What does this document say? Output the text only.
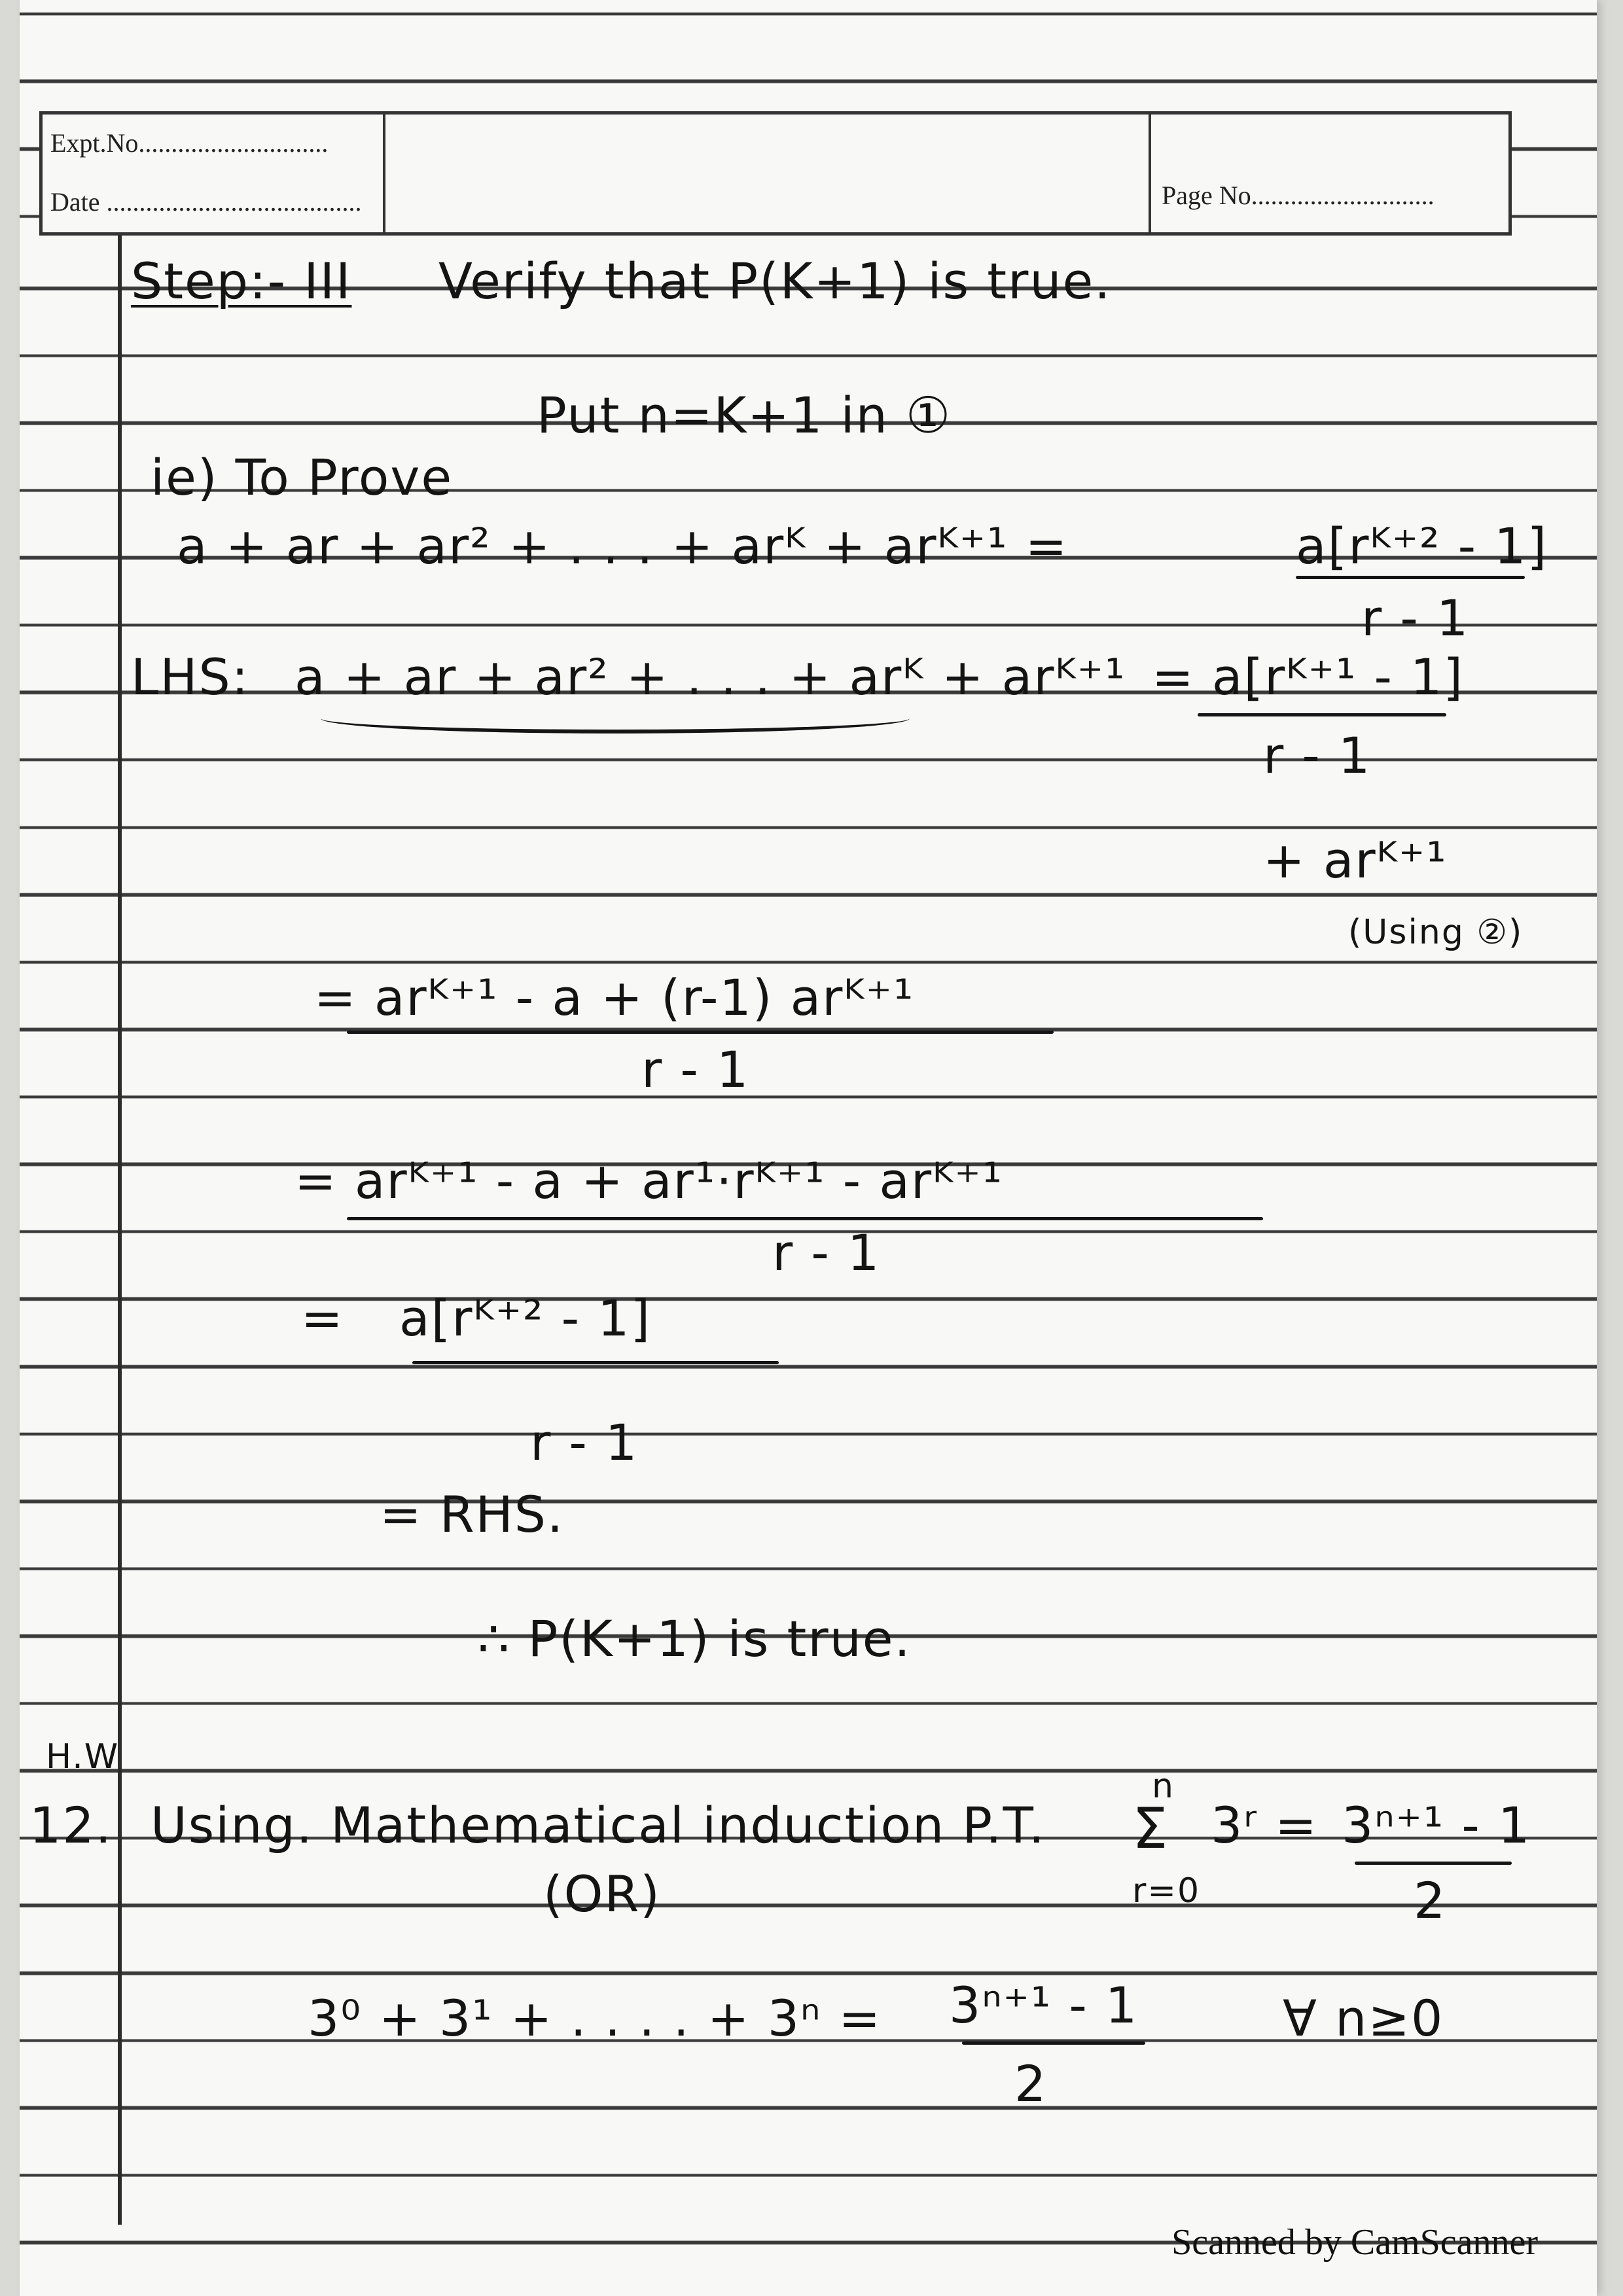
Expt.No.............................
Date .......................................	Page No............................
Step:- III Verify that P(K+1) is true.
Put n=K+1 in ①
ie) To Prove
a + ar + ar² + . . . + arᴷ + arᴷ⁺¹ =	a[rᴷ⁺² - 1]
r - 1
LHS: a + ar + ar² + . . . + arᴷ + arᴷ⁺¹ = a[rᴷ⁺¹ - 1]
r - 1
+ arᴷ⁺¹
(Using ②)
= arᴷ⁺¹ - a + (r-1) arᴷ⁺¹
r - 1
= arᴷ⁺¹ - a + ar¹·rᴷ⁺¹ - arᴷ⁺¹
r - 1
= a[rᴷ⁺² - 1]
r - 1
= RHS.
∴ P(K+1) is true.
H.W
12. Using. Mathematical induction P.T.
n
Σ
r=0
3ʳ = 3ⁿ⁺¹ - 1
2
(OR)
3⁰ + 3¹ + . . . . + 3ⁿ = 3ⁿ⁺¹ - 1
2
∀ n≥0
Scanned by CamScanner
